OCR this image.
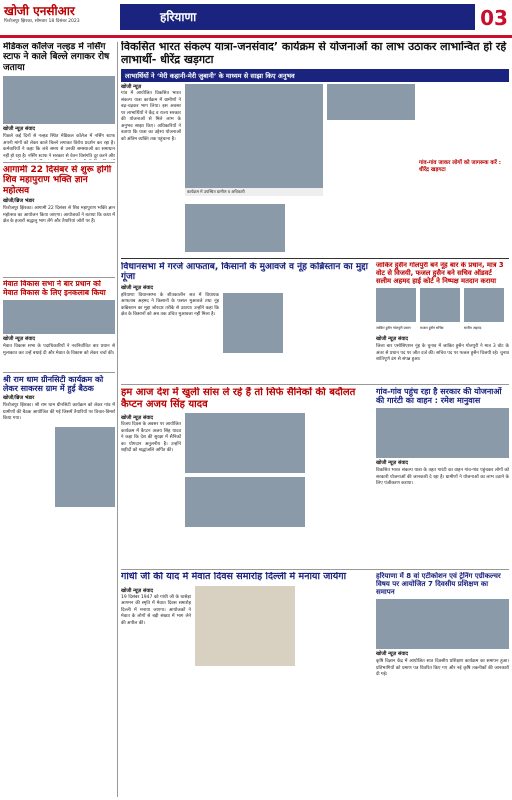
खोजी एनसीआर
फिरोजपुर झिरका, सोमवार 18 दिसंबर 2023	हरियाणा	03
मेडिकल कॉलेज नल्हड में नर्सिंग स्टाफ ने काले बिल्ले लगाकर रोष जताया
खोजी न्यूज़ संवाद
पिछले कई दिनों से नल्हड स्थित मेडिकल कॉलेज में नर्सिंग स्टाफ अपनी मांगों को लेकर काले बिल्ले लगाकर विरोध प्रदर्शन कर रहा है। कर्मचारियों ने कहा कि लंबे समय से उनकी समस्याओं का समाधान नहीं हो रहा है। नर्सिंग स्टाफ ने सरकार से वेतन विसंगति दूर करने और
आगामी 22 दिसंबर से शुरू होगी शिव महापुराण भक्ति ज्ञान महोत्सव
खोजी/ब्रिज भंडार
फिरोजपुर झिरका। आगामी 22 दिसंबर से शिव महापुराण भक्ति ज्ञान महोत्सव का आयोजन किया जाएगा। आयोजकों ने बताया कि कथा में क्षेत्र के हजारों श्रद्धालु भाग लेंगे और तैयारियां जोरों पर हैं।
मेवात विकास सभा ने बार प्रधान को मेवात विकास के लिए इनकलाब किया
खोजी न्यूज़ संवाद
मेवात विकास सभा के पदाधिकारियों ने नवनिर्वाचित बार प्रधान से मुलाकात कर उन्हें बधाई दी और मेवात के विकास को लेकर चर्चा की।
श्री राम धाम ग्रीनसिटी कार्यक्रम को लेकर साकरस ग्राम में हुई बैठक
खोजी/ब्रिज भंडार
फिरोजपुर झिरका। श्री राम धाम ग्रीनसिटी कार्यक्रम को लेकर गांव में ग्रामीणों की बैठक आयोजित की गई जिसमें तैयारियों पर विचार-विमर्श किया गया।
विकसित भारत संकल्प यात्रा-जनसंवाद’ कार्यक्रम से योजनाओं का लाभ उठाकर लाभान्वित हो रहे लाभार्थी- धीरेंद्र खड़गटा
लाभार्थियों ने ‘मेरी कहानी-मेरी जुबानी’ के माध्यम से साझा किए अनुभव
खोजी न्यूज़
गांव में आयोजित विकसित भारत संकल्प यात्रा कार्यक्रम में ग्रामीणों ने बढ़-चढ़कर भाग लिया। इस अवसर पर लाभार्थियों ने केंद्र व राज्य सरकार की योजनाओं से मिले लाभ के अनुभव साझा किए। अधिकारियों ने बताया कि यात्रा का उद्देश्य योजनाओं को अंतिम व्यक्ति तक पहुंचाना है।
कार्यक्रम में उपस्थित ग्रामीण व अधिकारी
गांव-गांव जाकर लोगों को जागरूक करें : धीरेंद्र खड़गटा
विधानसभा में गरजे आफताब, किसानों के मुआवजे व नूंह कब्रिस्तान का मुद्दा गूंजा
खोजी न्यूज़ संवाद
हरियाणा विधानसभा के शीतकालीन सत्र में विधायक आफताब अहमद ने किसानों के फसल मुआवजे तथा नूंह कब्रिस्तान का मुद्दा जोरदार तरीके से उठाया। उन्होंने कहा कि क्षेत्र के किसानों को अब तक उचित मुआवजा नहीं मिला है।
जाकिर हुसैन गोलपुरी बने नूंह बार के प्रधान, मात्र 3 वोट से विजयी, फजल हुसैन बने सचिव ऑडवर्ट सलीम अहमद हाई कोर्ट ने निष्पक्ष मतदान कराया
जाकिर हुसैन गोलपुरी प्रधान	फजल हुसैन सचिव	सलीम अहमद
खोजी न्यूज़ संवाद
जिला बार एसोसिएशन नूंह के चुनाव में जाकिर हुसैन गोलपुरी ने मात्र 3 वोट के अंतर से प्रधान पद पर जीत दर्ज की। सचिव पद पर फजल हुसैन विजयी रहे। चुनाव शांतिपूर्ण ढंग से संपन्न हुआ।
हम आज देश में खुली सांस ले रहे हैं तो सिर्फ सैनिकों की बदौलत कैप्टन अजय सिंह यादव
खोजी न्यूज़ संवाद
विजय दिवस के अवसर पर आयोजित कार्यक्रम में कैप्टन अजय सिंह यादव ने कहा कि देश की सुरक्षा में सैनिकों का योगदान अतुलनीय है। उन्होंने शहीदों को श्रद्धांजलि अर्पित की।
गांव-गांव पहुंच रहा है सरकार की योजनाओं की गारंटी का वाहन : रमेश मानुवास
खोजी न्यूज़ संवाद
विकसित भारत संकल्प यात्रा के तहत गारंटी का वाहन गांव-गांव पहुंचकर लोगों को सरकारी योजनाओं की जानकारी दे रहा है। ग्रामीणों ने योजनाओं का लाभ उठाने के लिए पंजीकरण कराया।
गांधी जी की याद में मेवात दिवस समारोह दिल्ली में मनाया जायेगा
खोजी न्यूज़ संवाद
19 दिसंबर 1947 को गांधी जी के घासेड़ा आगमन की स्मृति में मेवात दिवस समारोह दिल्ली में मनाया जाएगा। आयोजकों ने मेवात के लोगों से बड़ी संख्या में भाग लेने की अपील की।
हरियाणा में 8 वां एटीकोशन एवं ट्रेनिंग एग्रीकल्चर विषय पर आयोजित 7 दिवसीय प्रशिक्षण का समापन
खोजी न्यूज़ संवाद
कृषि विज्ञान केंद्र में आयोजित सात दिवसीय प्रशिक्षण कार्यक्रम का समापन हुआ। प्रतिभागियों को प्रमाण पत्र वितरित किए गए और नई कृषि तकनीकों की जानकारी दी गई।
